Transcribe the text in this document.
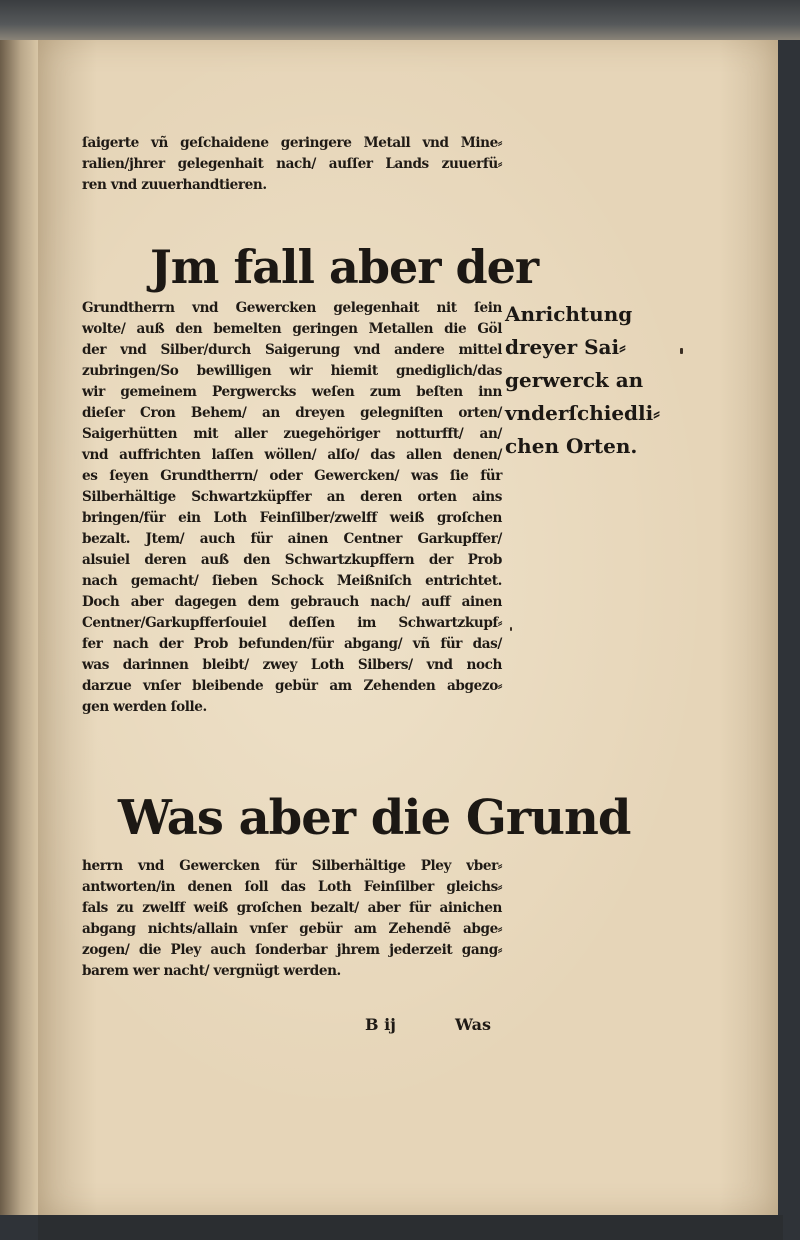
ſaigerte vñ geſchaidene geringere Metall vnd Mine⸗
ralien/jhrer gelegenhait nach/ auſſer Lands zuuerfü⸗
ren vnd zuuerhandtieren.
Jm fall aber der
Grundtherrn vnd Gewercken gelegenhait nit ſein
wolte/ auß den bemelten geringen Metallen die Göl
der vnd Silber/durch Saigerung vnd andere mittel
zubringen/So bewilligen wir hiemit gnediglich/das
wir gemeinem Pergwercks weſen zum beſten inn
dieſer Cron Behem/ an dreyen gelegniſten orten/
Saigerhütten mit aller zuegehöriger notturfft/ an/
vnd auffrichten laſſen wöllen/ alſo/ das allen denen/
es ſeyen Grundtherrn/ oder Gewercken/ was ſie für
Silberhältige Schwartzküpffer an deren orten ains
bringen/für ein Loth Feinſilber/zwelff weiß groſchen
bezalt. Jtem/ auch für ainen Centner Garkupffer/
alsuiel deren auß den Schwartzkupffern der Prob
nach gemacht/ ſieben Schock Meißniſch entrichtet.
Doch aber dagegen dem gebrauch nach/ auff ainen
Centner/Garkupfferſouiel deſſen im Schwartzkupf⸗
fer nach der Prob befunden/für abgang/ vñ für das/
was darinnen bleibt/ zwey Loth Silbers/ vnd noch
darzue vnſer bleibende gebür am Zehenden abgezo⸗
gen werden ſolle.
Anrichtung
dreyer Sai⸗
gerwerck an
vnderſchiedli⸗
chen Orten.
Was aber die Grund
herrn vnd Gewercken für Silberhältige Pley vber⸗
antworten/in denen ſoll das Loth Feinſilber gleichs⸗
fals zu zwelff weiß groſchen bezalt/ aber für ainichen
abgang nichts/allain vnſer gebür am Zehendẽ abge⸗
zogen/ die Pley auch ſonderbar jhrem jederzeit gang⸗
barem wer nacht/ vergnügt werden.
B ij	Was
